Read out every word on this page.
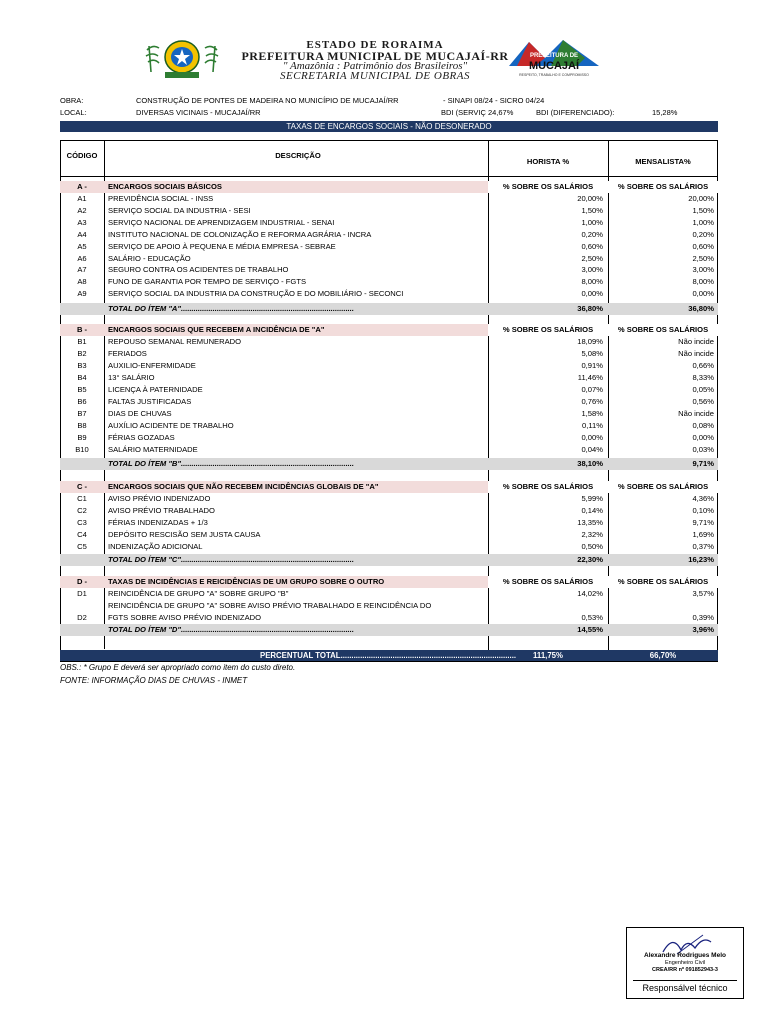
ESTADO DE RORAIMA
PREFEITURA MUNICIPAL DE MUCAJAÍ-RR
" Amazônia : Patrimônio dos Brasileiros"
SECRETARIA MUNICIPAL DE OBRAS
PREFEITURA DE
MUCAJAÍ
RESPEITO, TRABALHO E COMPROMISSO
OBRA:	CONSTRUÇÃO DE PONTES DE MADEIRA NO MUNICÍPIO DE MUCAJAÍ/RR	- SINAPI 08/24 - SICRO 04/24
LOCAL:	DIVERSAS VICINAIS - MUCAJAÍ/RR	BDI (SERVIÇ 24,67%	BDI (DIFERENCIADO):	15,28%
TAXAS DE ENCARGOS SOCIAIS - NÃO DESONERADO
CÓDIGO	DESCRIÇÃO
HORISTA %	MENSALISTA%
A -	ENCARGOS SOCIAIS BÁSICOS	% SOBRE OS SALÁRIOS	% SOBRE OS SALÁRIOS
A1	PREVIDÊNCIA SOCIAL - INSS	20,00%	20,00%
A2	SERVIÇO SOCIAL DA INDUSTRIA - SESI	1,50%	1,50%
A3	SERVIÇO NACIONAL DE APRENDIZAGEM INDUSTRIAL - SENAI	1,00%	1,00%
A4	INSTITUTO NACIONAL DE COLONIZAÇÃO E REFORMA AGRÁRIA - INCRA	0,20%	0,20%
A5	SERVIÇO DE APOIO À PEQUENA E MÉDIA EMPRESA - SEBRAE	0,60%	0,60%
A6	SALÁRIO - EDUCAÇÃO	2,50%	2,50%
A7	SEGURO CONTRA OS ACIDENTES DE TRABALHO	3,00%	3,00%
A8	FUNO DE GARANTIA POR TEMPO DE SERVIÇO - FGTS	8,00%	8,00%
A9	SERVIÇO SOCIAL DA INDUSTRIA DA CONSTRUÇÃO E DO MOBILIÁRIO - SECONCI	0,00%	0,00%
TOTAL DO ÍTEM "A"..................................................................................	36,80%	36,80%
B -	ENCARGOS SOCIAIS QUE RECEBEM A INCIDÊNCIA DE "A"	% SOBRE OS SALÁRIOS	% SOBRE OS SALÁRIOS
B1	REPOUSO SEMANAL REMUNERADO	18,09%	Não incide
B2	FERIADOS	5,08%	Não incide
B3	AUXILIO-ENFERMIDADE	0,91%	0,66%
B4	13° SALÁRIO	11,46%	8,33%
B5	LICENÇA À PATERNIDADE	0,07%	0,05%
B6	FALTAS JUSTIFICADAS	0,76%	0,56%
B7	DIAS DE CHUVAS	1,58%	Não incide
B8	AUXÍLIO ACIDENTE DE TRABALHO	0,11%	0,08%
B9	FÉRIAS GOZADAS	0,00%	0,00%
B10	SALÁRIO MATERNIDADE	0,04%	0,03%
TOTAL DO ÍTEM "B"..................................................................................	38,10%	9,71%
C -	ENCARGOS SOCIAIS QUE NÃO RECEBEM INCIDÊNCIAS GLOBAIS DE "A"	% SOBRE OS SALÁRIOS	% SOBRE OS SALÁRIOS
C1	AVISO PRÉVIO INDENIZADO	5,99%	4,36%
C2	AVISO PRÉVIO TRABALHADO	0,14%	0,10%
C3	FÉRIAS INDENIZADAS + 1/3	13,35%	9,71%
C4	DEPÓSITO RESCISÃO SEM JUSTA CAUSA	2,32%	1,69%
C5	INDENIZAÇÃO ADICIONAL	0,50%	0,37%
TOTAL DO ÍTEM "C"..................................................................................	22,30%	16,23%
D -	TAXAS DE INCIDÊNCIAS E REICIDÊNCIAS DE UM GRUPO SOBRE O OUTRO	% SOBRE OS SALÁRIOS	% SOBRE OS SALÁRIOS
D1	REINCIDÊNCIA DE GRUPO "A" SOBRE GRUPO "B"	14,02%	3,57%
REINCIDÊNCIA DE GRUPO "A" SOBRE AVISO PRÉVIO TRABALHADO E REINCIDÊNCIA DO
D2	FGTS SOBRE AVISO PRÉVIO INDENIZADO	0,53%	0,39%
TOTAL DO ÍTEM "D"..................................................................................	14,55%	3,96%
PERCENTUAL TOTAL.................................................................................	111,75%	66,70%
OBS.: * Grupo E deverá ser apropriado como item do custo direto.
FONTE: INFORMAÇÃO DIAS DE CHUVAS - INMET
Alexandre Rodrigues Melo
Engenheiro Civil
CREA/RR nº 091852943-3
Responsálvel técnico
